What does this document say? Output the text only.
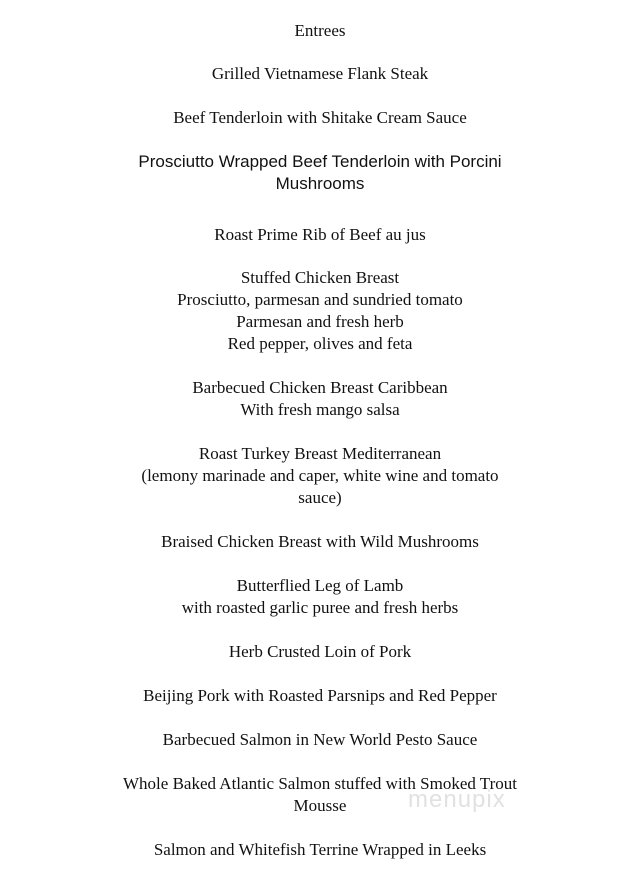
Entrees
Grilled Vietnamese Flank Steak
Beef Tenderloin with Shitake Cream Sauce
Prosciutto Wrapped Beef Tenderloin with Porcini
Mushrooms
Roast Prime Rib of Beef au jus
Stuffed Chicken Breast
Prosciutto, parmesan and sundried tomato
Parmesan and fresh herb
Red pepper, olives and feta
Barbecued Chicken Breast Caribbean
With fresh mango salsa
Roast Turkey Breast Mediterranean
(lemony marinade and caper, white wine and tomato
sauce)
Braised Chicken Breast with Wild Mushrooms
Butterflied Leg of Lamb
with roasted garlic puree and fresh herbs
Herb Crusted Loin of Pork
Beijing Pork with Roasted Parsnips and Red Pepper
Barbecued Salmon in New World Pesto Sauce
Whole Baked Atlantic Salmon stuffed with Smoked Trout
Mousse
Salmon and Whitefish Terrine Wrapped in Leeks
menupix
